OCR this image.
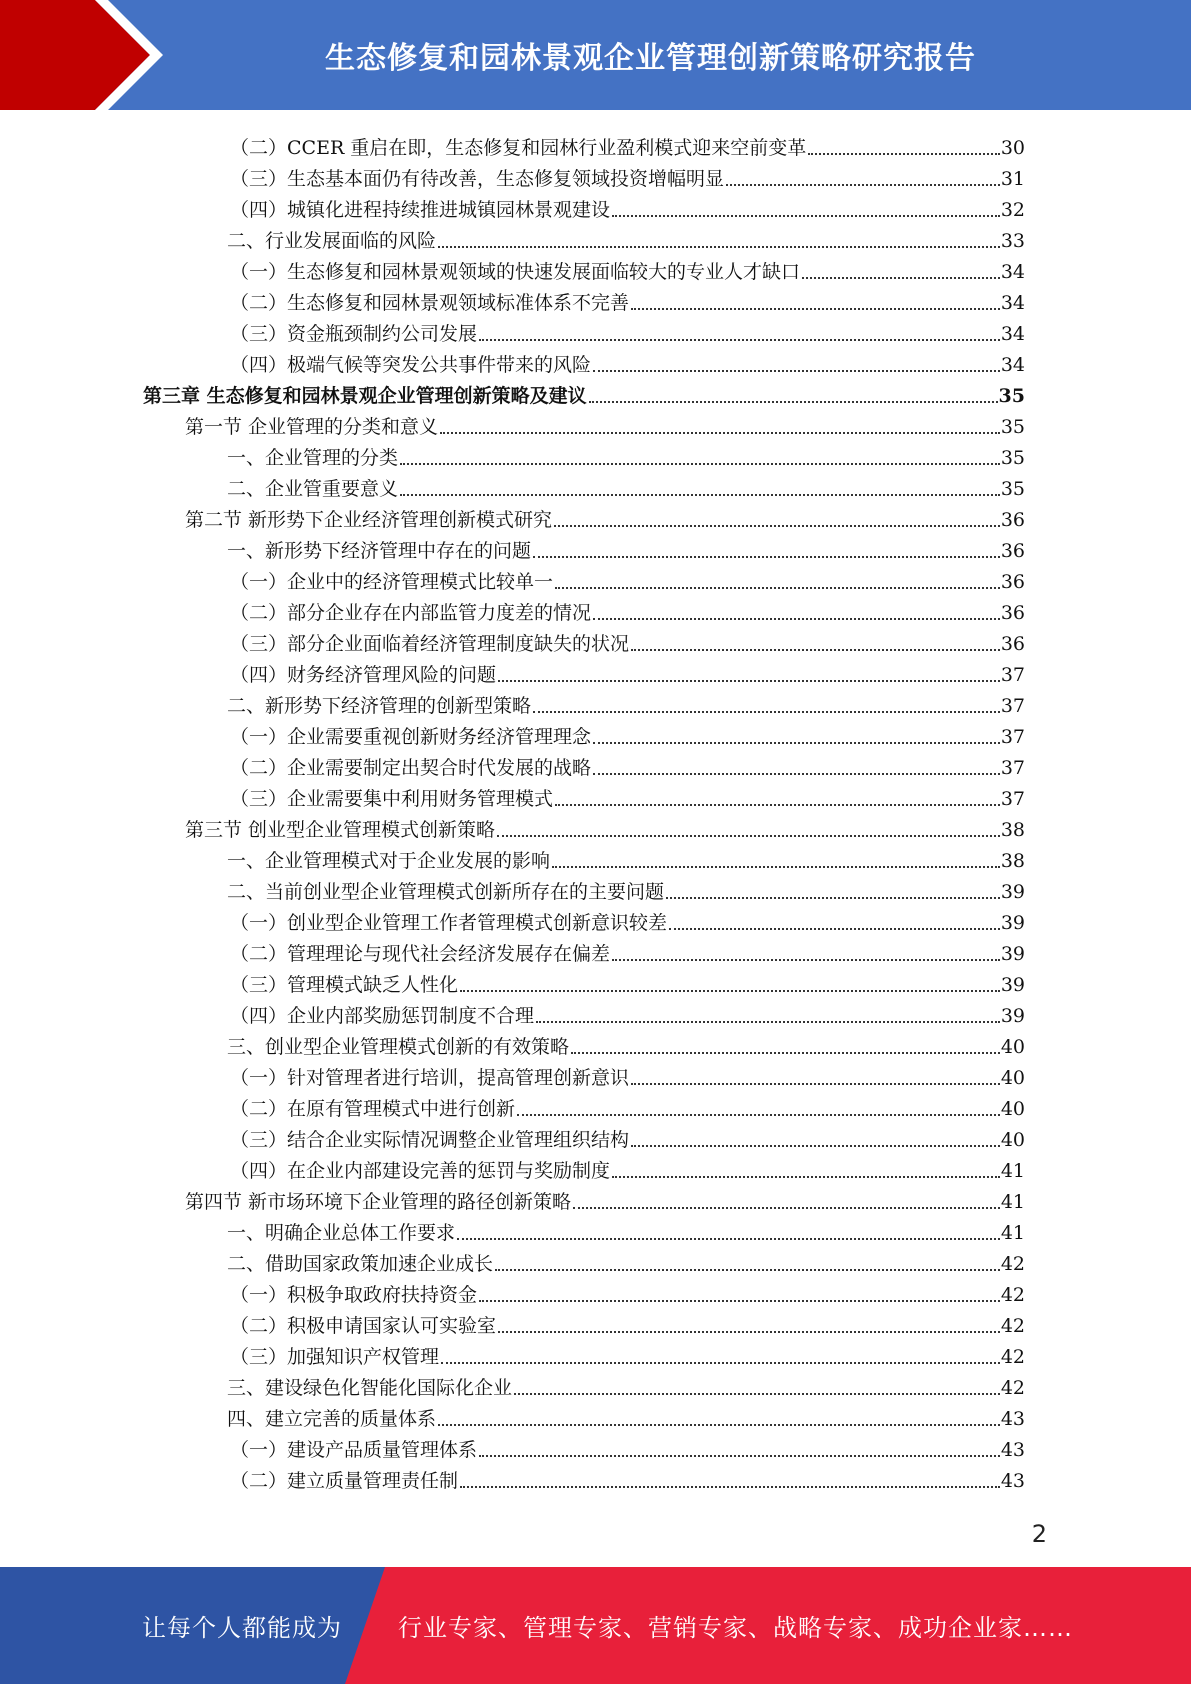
生态修复和园林景观企业管理创新策略研究报告
（二）CCER 重启在即，生态修复和园林行业盈利模式迎来空前变革	30
（三）生态基本面仍有待改善，生态修复领域投资增幅明显	31
（四）城镇化进程持续推进城镇园林景观建设	32
二、行业发展面临的风险	33
（一）生态修复和园林景观领域的快速发展面临较大的专业人才缺口	34
（二）生态修复和园林景观领域标准体系不完善	34
（三）资金瓶颈制约公司发展	34
（四）极端气候等突发公共事件带来的风险	34
第三章 生态修复和园林景观企业管理创新策略及建议	35
第一节 企业管理的分类和意义	35
一、企业管理的分类	35
二、企业管重要意义	35
第二节 新形势下企业经济管理创新模式研究	36
一、新形势下经济管理中存在的问题	36
（一）企业中的经济管理模式比较单一	36
（二）部分企业存在内部监管力度差的情况	36
（三）部分企业面临着经济管理制度缺失的状况	36
（四）财务经济管理风险的问题	37
二、新形势下经济管理的创新型策略	37
（一）企业需要重视创新财务经济管理理念	37
（二）企业需要制定出契合时代发展的战略	37
（三）企业需要集中利用财务管理模式	37
第三节 创业型企业管理模式创新策略	38
一、企业管理模式对于企业发展的影响	38
二、当前创业型企业管理模式创新所存在的主要问题	39
（一）创业型企业管理工作者管理模式创新意识较差	39
（二）管理理论与现代社会经济发展存在偏差	39
（三）管理模式缺乏人性化	39
（四）企业内部奖励惩罚制度不合理	39
三、创业型企业管理模式创新的有效策略	40
（一）针对管理者进行培训，提高管理创新意识	40
（二）在原有管理模式中进行创新	40
（三）结合企业实际情况调整企业管理组织结构	40
（四）在企业内部建设完善的惩罚与奖励制度	41
第四节 新市场环境下企业管理的路径创新策略	41
一、明确企业总体工作要求	41
二、借助国家政策加速企业成长	42
（一）积极争取政府扶持资金	42
（二）积极申请国家认可实验室	42
（三）加强知识产权管理	42
三、建设绿色化智能化国际化企业	42
四、建立完善的质量体系	43
（一）建设产品质量管理体系	43
（二）建立质量管理责任制	43
2
让每个人都能成为 行业专家、管理专家、营销专家、战略专家、成功企业家……
